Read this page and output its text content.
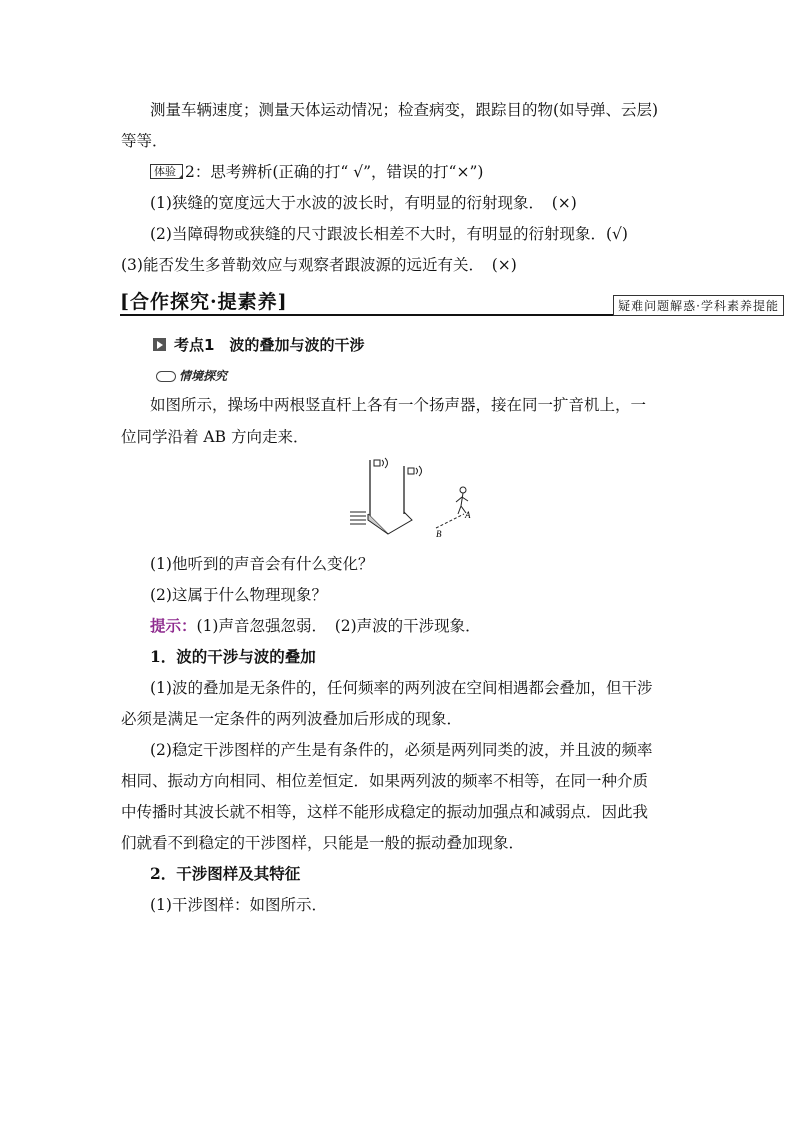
测量车辆速度；测量天体运动情况；检查病变，跟踪目的物(如导弹、云层)
等等．
体验 2：思考辨析(正确的打“ √”，错误的打“×”)
(1)狭缝的宽度远大于水波的波长时，有明显的衍射现象．　(×)
(2)当障碍物或狭缝的尺寸跟波长相差不大时，有明显的衍射现象．(√)
(3)能否发生多普勒效应与观察者跟波源的远近有关．　(×)
[合作探究·提素养]	疑难问题解惑·学科素养提能
考点1　波的叠加与波的干涉
情境探究
如图所示，操场中两根竖直杆上各有一个扬声器，接在同一扩音机上，一
位同学沿着 AB 方向走来．
A
B
(1)他听到的声音会有什么变化？
(2)这属于什么物理现象？
提示：(1)声音忽强忽弱．　(2)声波的干涉现象．
1．波的干涉与波的叠加
(1)波的叠加是无条件的，任何频率的两列波在空间相遇都会叠加，但干涉
必须是满足一定条件的两列波叠加后形成的现象．
(2)稳定干涉图样的产生是有条件的，必须是两列同类的波，并且波的频率
相同、振动方向相同、相位差恒定．如果两列波的频率不相等，在同一种介质
中传播时其波长就不相等，这样不能形成稳定的振动加强点和减弱点．因此我
们就看不到稳定的干涉图样，只能是一般的振动叠加现象．
2．干涉图样及其特征
(1)干涉图样：如图所示．
